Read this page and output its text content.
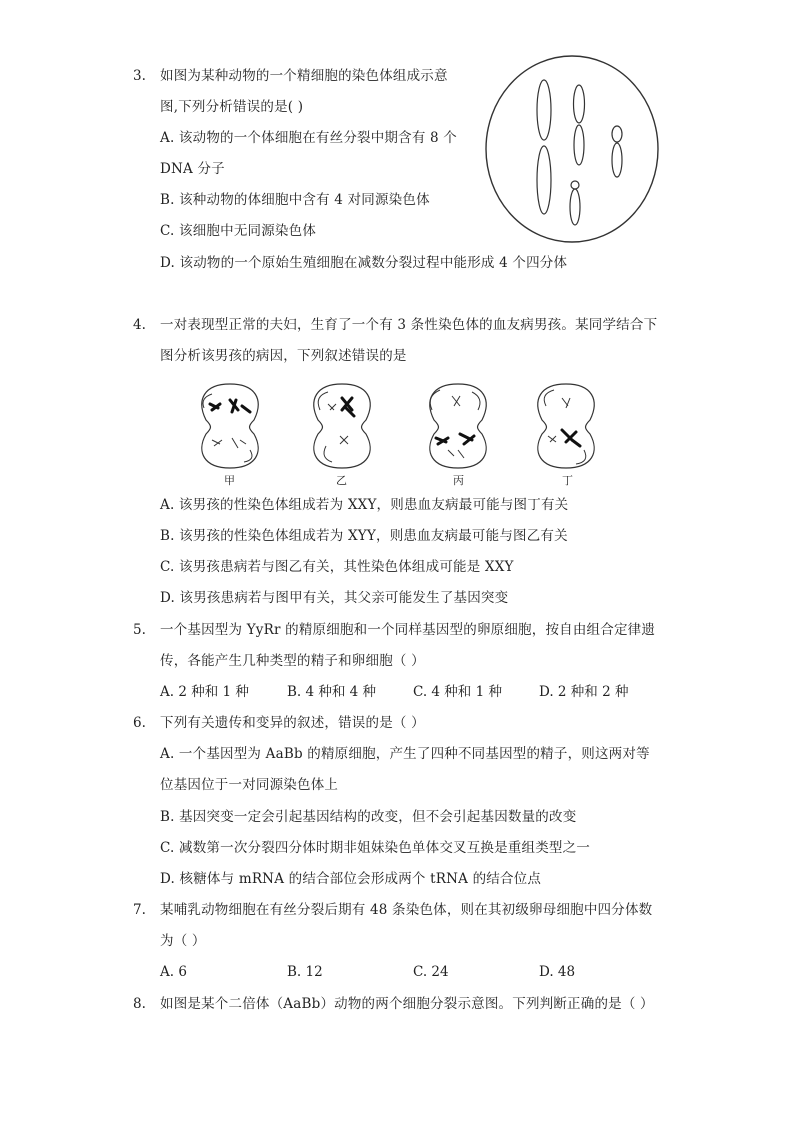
3. 如图为某种动物的一个精细胞的染色体组成示意
图,下列分析错误的是( )
A. 该动物的一个体细胞在有丝分裂中期含有 8 个
DNA 分子
B. 该种动物的体细胞中含有 4 对同源染色体
C. 该细胞中无同源染色体
D. 该动物的一个原始生殖细胞在减数分裂过程中能形成 4 个四分体
4. 一对表现型正常的夫妇，生育了一个有 3 条性染色体的血友病男孩。某同学结合下
图分析该男孩的病因，下列叙述错误的是
甲	乙	丙	丁
A. 该男孩的性染色体组成若为 XXY，则患血友病最可能与图丁有关
B. 该男孩的性染色体组成若为 XYY，则患血友病最可能与图乙有关
C. 该男孩患病若与图乙有关，其性染色体组成可能是 XXY
D. 该男孩患病若与图甲有关，其父亲可能发生了基因突变
5. 一个基因型为 YyRr 的精原细胞和一个同样基因型的卵原细胞，按自由组合定律遗
传，各能产生几种类型的精子和卵细胞（ ）
A. 2 种和 1 种	B. 4 种和 4 种	C. 4 种和 1 种	D. 2 种和 2 种
6. 下列有关遗传和变异的叙述，错误的是（ ）
A. 一个基因型为 AaBb 的精原细胞，产生了四种不同基因型的精子，则这两对等
位基因位于一对同源染色体上
B. 基因突变一定会引起基因结构的改变，但不会引起基因数量的改变
C. 减数第一次分裂四分体时期非姐妹染色单体交叉互换是重组类型之一
D. 核糖体与 mRNA 的结合部位会形成两个 tRNA 的结合位点
7. 某哺乳动物细胞在有丝分裂后期有 48 条染色体，则在其初级卵母细胞中四分体数
为（ ）
A. 6	B. 12	C. 24	D. 48
8. 如图是某个二倍体（AaBb）动物的两个细胞分裂示意图。下列判断正确的是（ ）
